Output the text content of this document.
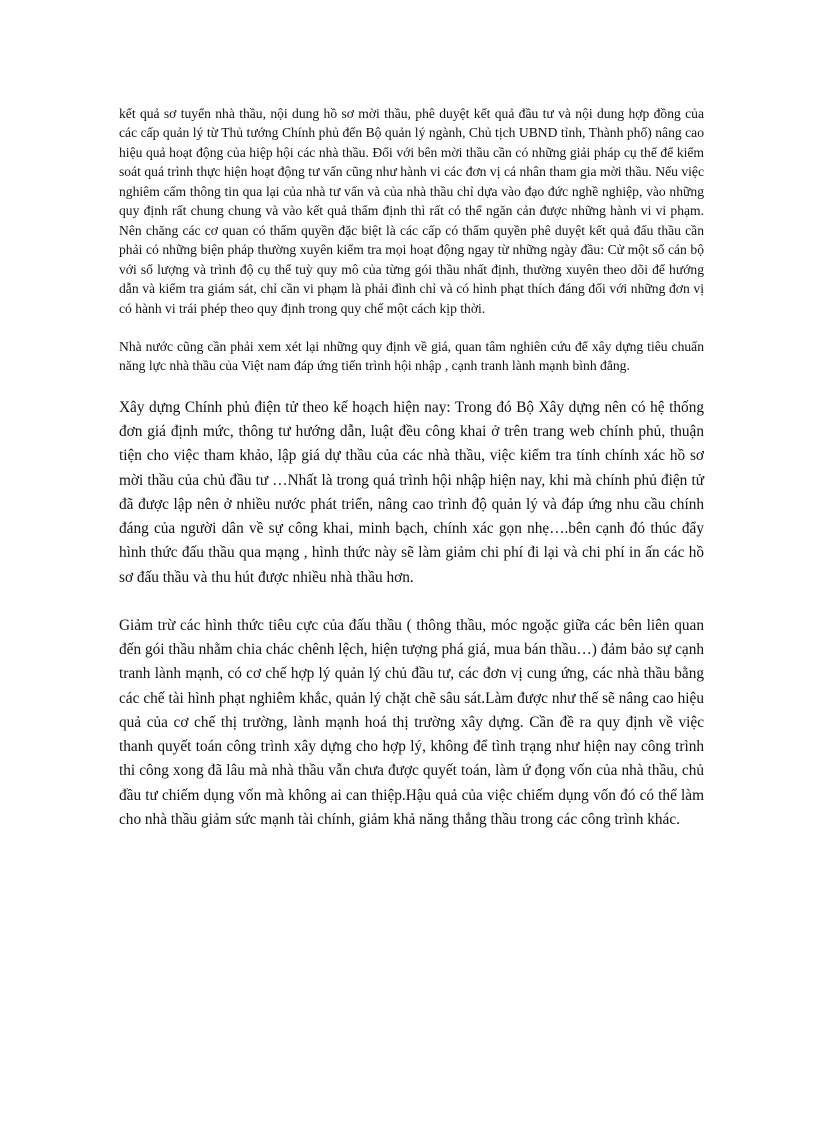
kết quả sơ tuyển nhà thầu, nội dung hồ sơ mời thầu, phê duyệt kết quả đầu tư và nội dung hợp đồng của các cấp quản lý từ Thủ tướng Chính phủ đến Bộ quản lý ngành, Chủ tịch UBND tỉnh, Thành phố) nâng cao hiệu quả hoạt động của hiệp hội các nhà thầu. Đối với bên mời thầu cần có những giải pháp cụ thể để kiểm soát quá trình thực hiện hoạt động tư vấn cũng như hành vi các đơn vị cá nhân tham gia mời thầu. Nếu việc nghiêm cấm thông tin qua lại của nhà tư vấn và của nhà thầu chỉ dựa vào đạo đức nghề nghiệp, vào những quy định rất chung chung và vào kết quả thẩm định thì rất có thể ngăn cản được những hành vi vi phạm. Nên chăng các cơ quan có thẩm quyền đặc biệt là các cấp có thẩm quyền phê duyệt kết quả đấu thầu cần phải có những biện pháp thường xuyên kiểm tra mọi hoạt động ngay từ những ngày đầu: Cử một số cán bộ với số lượng và trình độ cụ thể tuỳ quy mô của từng gói thầu nhất định, thường xuyên theo dõi để hướng dẫn và kiểm tra giám sát, chỉ cần vi phạm là phải đình chỉ và có hình phạt thích đáng đối với những đơn vị có hành vi trái phép theo quy định trong quy chế một cách kịp thời.

Nhà nước cũng cần phải xem xét lại những quy định về giá, quan tâm nghiên cứu để xây dựng tiêu chuẩn năng lực nhà thầu của Việt nam đáp ứng tiến trình hội nhập , cạnh tranh lành mạnh bình đẳng.

Xây dựng Chính phủ điện tử theo kế hoạch hiện nay: Trong đó Bộ Xây dựng nên có hệ thống đơn giá định mức, thông tư hướng dẫn, luật đều công khai ở trên trang web chính phủ, thuận tiện cho việc tham khảo, lập giá dự thầu của các nhà thầu, việc kiểm tra tính chính xác hồ sơ mời thầu của chủ đầu tư …Nhất là trong quá trình hội nhập hiện nay, khi mà chính phủ điện tử đã được lập nên ở nhiều nước phát triển, nâng cao trình độ quản lý và đáp ứng nhu cầu chính đáng của người dân về sự công khai, minh bạch, chính xác gọn nhẹ….bên cạnh đó thúc đẩy hình thức đấu thầu qua mạng , hình thức này sẽ làm giảm chi phí đi lại và chi phí in ấn các hồ sơ đấu thầu và thu hút được nhiều nhà thầu hơn.

Giảm trừ các hình thức tiêu cực của đấu thầu ( thông thầu, móc ngoặc giữa các bên liên quan đến gói thầu nhằm chia chác chênh lệch, hiện tượng phá giá, mua bán thầu…) đảm bảo sự cạnh tranh lành mạnh, có cơ chế hợp lý quản lý chủ đầu tư, các đơn vị cung ứng, các nhà thầu bằng các chế tài hình phạt nghiêm khắc, quản lý chặt chẽ sâu sát.Làm được như thế sẽ nâng cao hiệu quả của cơ chế thị trường, lành mạnh hoá thị trường xây dựng. Cần đề ra quy định về việc thanh quyết toán công trình xây dựng cho hợp lý, không để tình trạng như hiện nay công trình thi công xong đã lâu mà nhà thầu vẫn chưa được quyết toán, làm ứ đọng vốn của nhà thầu, chủ đầu tư chiếm dụng vốn mà không ai can thiệp.Hậu quả của việc chiếm dụng vốn đó có thể làm cho nhà thầu giảm sức mạnh tài chính, giảm khả năng thắng thầu trong các công trình khác.
